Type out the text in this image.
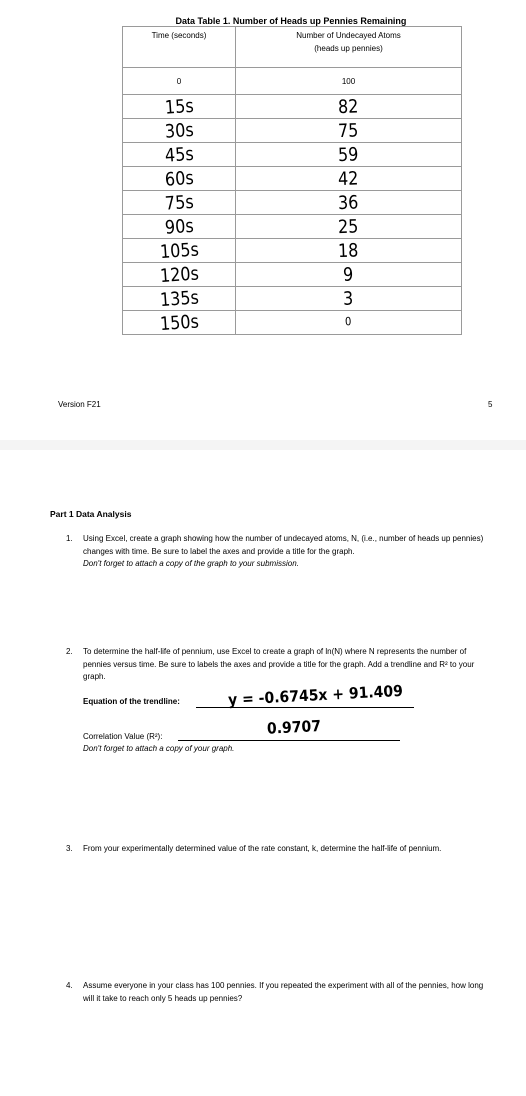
Data Table 1. Number of Heads up Pennies Remaining
Time (seconds)	Number of Undecayed Atoms
(heads up pennies)
0	100
15s	82
30s	75
45s	59
60s	42
75s	36
90s	25
105s	18
120s	9
135s	3
150s	0
Version F21	5
Part 1 Data Analysis
1. Using Excel, create a graph showing how the number of undecayed atoms, N, (i.e., number of heads up pennies) changes with time. Be sure to label the axes and provide a title for the graph.
Don't forget to attach a copy of the graph to your submission.
2. To determine the half-life of pennium, use Excel to create a graph of ln(N) where N represents the number of pennies versus time. Be sure to labels the axes and provide a title for the graph. Add a trendline and R² to your graph.
Equation of the trendline:	y = -0.6745x + 91.409
Correlation Value (R²):	0.9707
Don't forget to attach a copy of your graph.
3. From your experimentally determined value of the rate constant, k, determine the half-life of pennium.
4. Assume everyone in your class has 100 pennies. If you repeated the experiment with all of the pennies, how long will it take to reach only 5 heads up pennies?
